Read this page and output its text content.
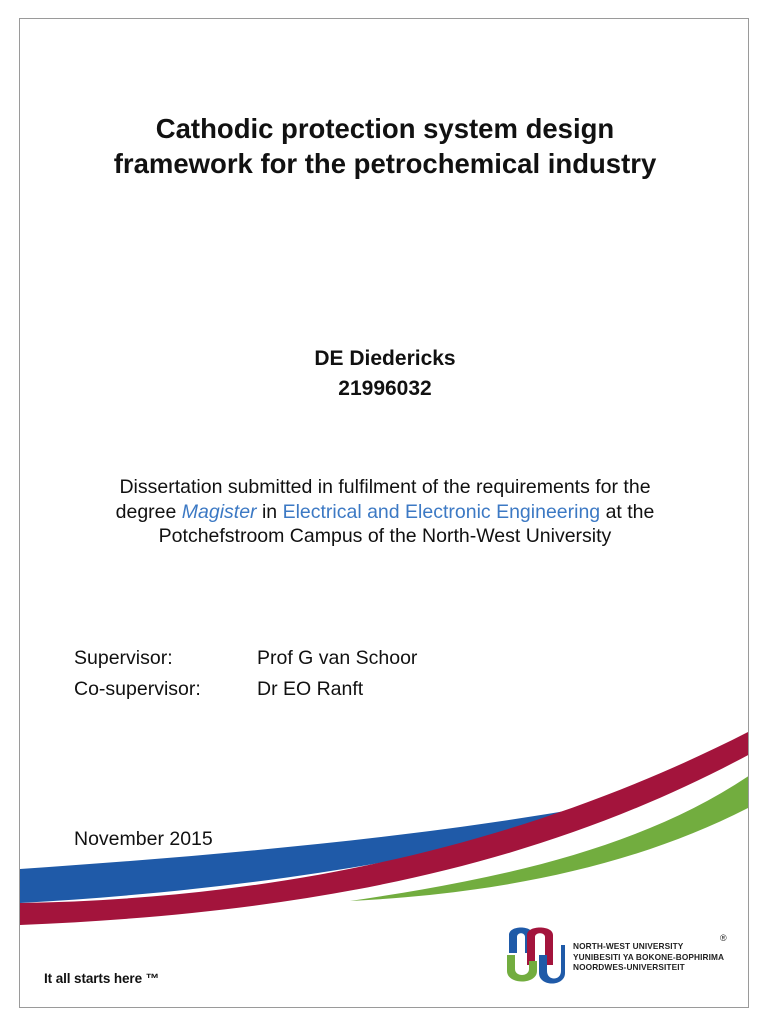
Cathodic protection system design
framework for the petrochemical industry
DE Diedericks
21996032
Dissertation submitted in fulfilment of the requirements for the
degree Magister in Electrical and Electronic Engineering at the
Potchefstroom Campus of the North-West University
Supervisor:	Prof G van Schoor
Co-supervisor:	Dr EO Ranft
November 2015
It all starts here ™
NORTH-WEST UNIVERSITY
YUNIBESITI YA BOKONE-BOPHIRIMA
NOORDWES-UNIVERSITEIT
®
